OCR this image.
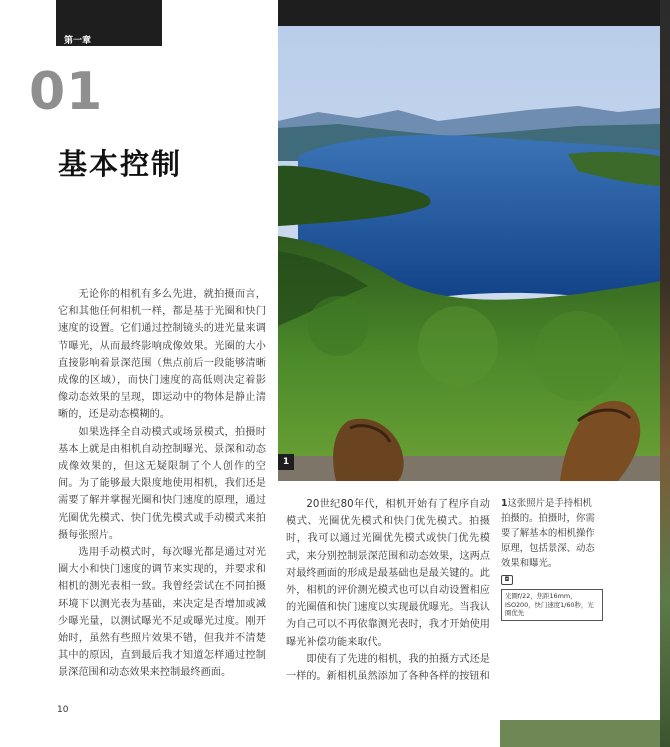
第一章
01
基本控制
1

无论你的相机有多么先进，就拍摄而言，它和其他任何相机一样，都是基于光圈和快门速度的设置。它们通过控制镜头的进光量来调节曝光，从而最终影响成像效果。光圈的大小直接影响着景深范围（焦点前后一段能够清晰成像的区域），而快门速度的高低则决定着影像动态效果的呈现，即运动中的物体是静止清晰的，还是动态模糊的。

如果选择全自动模式或场景模式，拍摄时基本上就是由相机自动控制曝光、景深和动态成像效果的，但这无疑限制了个人创作的空间。为了能够最大限度地使用相机，我们还是需要了解并掌握光圈和快门速度的原理，通过光圈优先模式、快门优先模式或手动模式来拍摄每张照片。

选用手动模式时，每次曝光都是通过对光圈大小和快门速度的调节来实现的，并要求和相机的测光表相一致。我曾经尝试在不同拍摄环境下以测光表为基础，来决定是否增加或减少曝光量，以测试曝光不足或曝光过度。刚开始时，虽然有些照片效果不错，但我并不清楚其中的原因，直到最后我才知道怎样通过控制景深范围和动态效果来控制最终画面。

20世纪80年代，相机开始有了程序自动模式、光圈优先模式和快门优先模式。拍摄时，我可以通过光圈优先模式或快门优先模式，来分别控制景深范围和动态效果，这两点对最终画面的形成是最基础也是最关键的。此外，相机的评价测光模式也可以自动设置相应的光圈值和快门速度以实现最优曝光。当我认为自己可以不再依靠测光表时，我才开始使用曝光补偿功能来取代。

即使有了先进的相机，我的拍摄方式还是一样的。新相机虽然添加了各种各样的按钮和

1这张照片是手持相机拍摄的。拍摄时，你需要了解基本的相机操作原理，包括景深、动态效果和曝光。

◘
光圈f/22，焦距16mm，ISO200，快门速度1/60秒，光圈优先
10
